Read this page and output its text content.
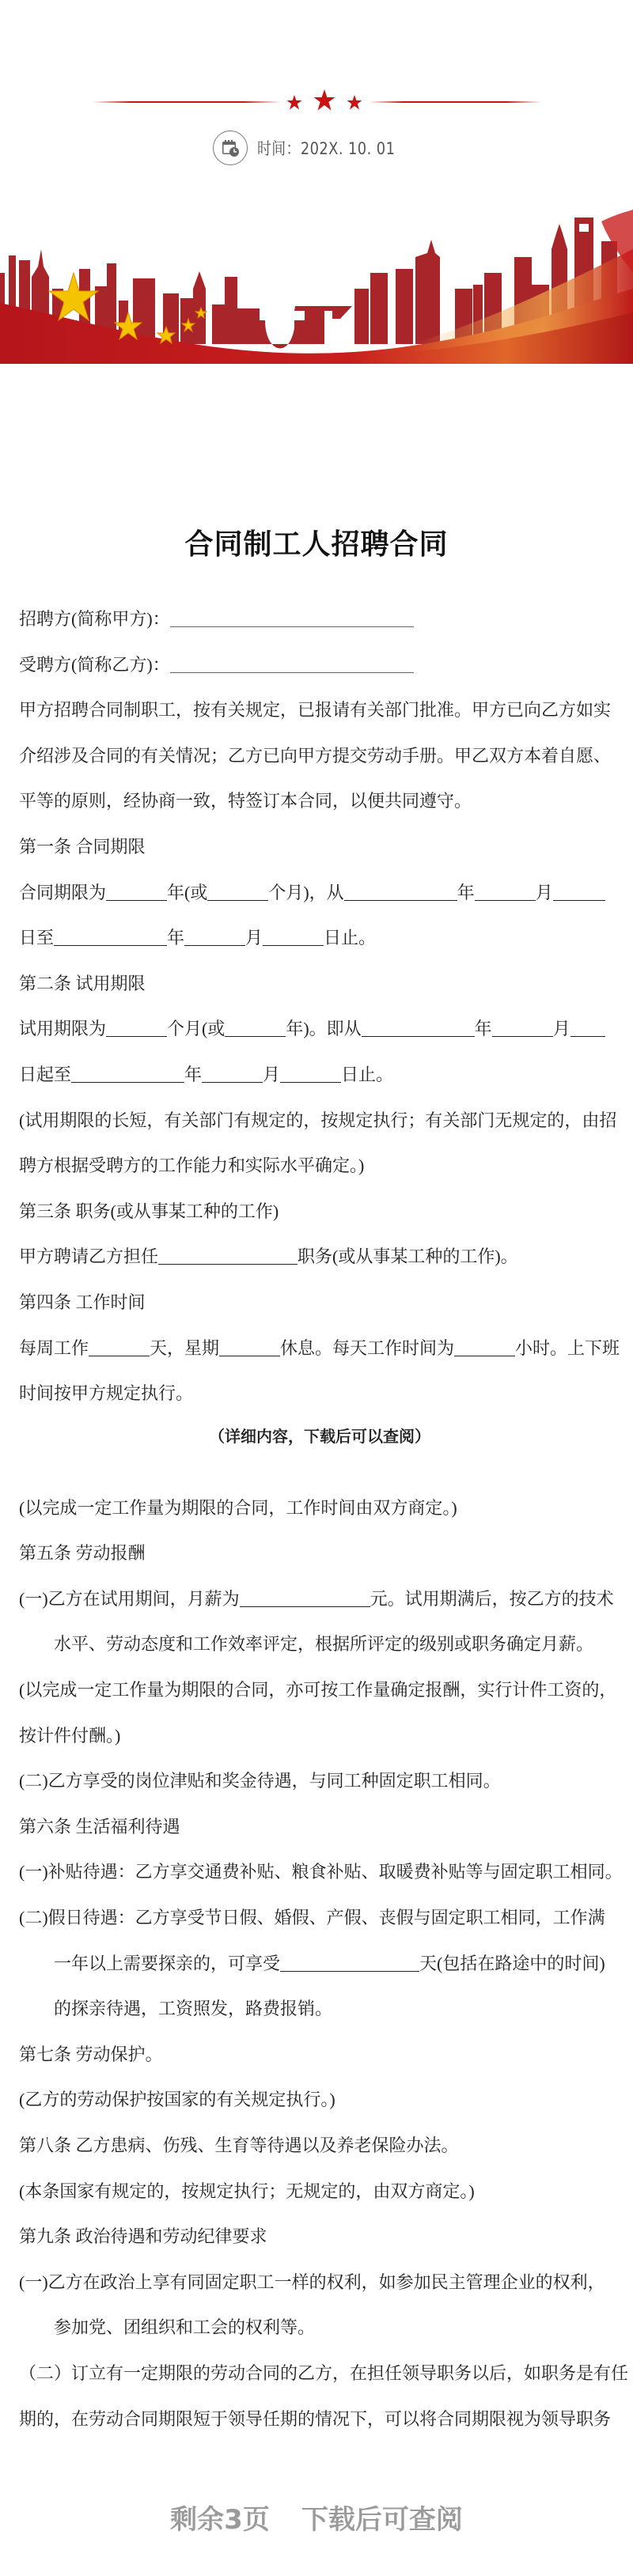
时间：202X. 10. 01
合同制工人招聘合同
招聘方(简称甲方)：
受聘方(简称乙方)：
甲方招聘合同制职工，按有关规定，已报请有关部门批准。甲方已向乙方如实
介绍涉及合同的有关情况；乙方已向甲方提交劳动手册。甲乙双方本着自愿、
平等的原则，经协商一致，特签订本合同，以便共同遵守。
第一条 合同期限
合同期限为	年(或	个月)，从	年	月
日至	年	月	日止。
第二条 试用期限
试用期限为	个月(或	年)。即从	年	月
日起至	年	月	日止。
(试用期限的长短，有关部门有规定的，按规定执行；有关部门无规定的，由招
聘方根据受聘方的工作能力和实际水平确定。)
第三条 职务(或从事某工种的工作)
甲方聘请乙方担任	职务(或从事某工种的工作)。
第四条 工作时间
每周工作	天，星期	休息。每天工作时间为	小时。上下班
时间按甲方规定执行。
（详细内容，下载后可以查阅）
(以完成一定工作量为期限的合同，工作时间由双方商定。)
第五条 劳动报酬
(一)乙方在试用期间，月薪为	元。试用期满后，按乙方的技术
水平、劳动态度和工作效率评定，根据所评定的级别或职务确定月薪。
(以完成一定工作量为期限的合同，亦可按工作量确定报酬，实行计件工资的，
按计件付酬。)
(二)乙方享受的岗位津贴和奖金待遇，与同工种固定职工相同。
第六条 生活福利待遇
(一)补贴待遇：乙方享交通费补贴、粮食补贴、取暖费补贴等与固定职工相同。
(二)假日待遇：乙方享受节日假、婚假、产假、丧假与固定职工相同，工作满
一年以上需要探亲的，可享受	天(包括在路途中的时间)
的探亲待遇，工资照发，路费报销。
第七条 劳动保护。
(乙方的劳动保护按国家的有关规定执行。)
第八条 乙方患病、伤残、生育等待遇以及养老保险办法。
(本条国家有规定的，按规定执行；无规定的，由双方商定。)
第九条 政治待遇和劳动纪律要求
(一)乙方在政治上享有同固定职工一样的权利，如参加民主管理企业的权利，
参加党、团组织和工会的权利等。
（二）订立有一定期限的劳动合同的乙方，在担任领导职务以后，如职务是有任
期的，在劳动合同期限短于领导任期的情况下，可以将合同期限视为领导职务
剩余3页 下载后可查阅
